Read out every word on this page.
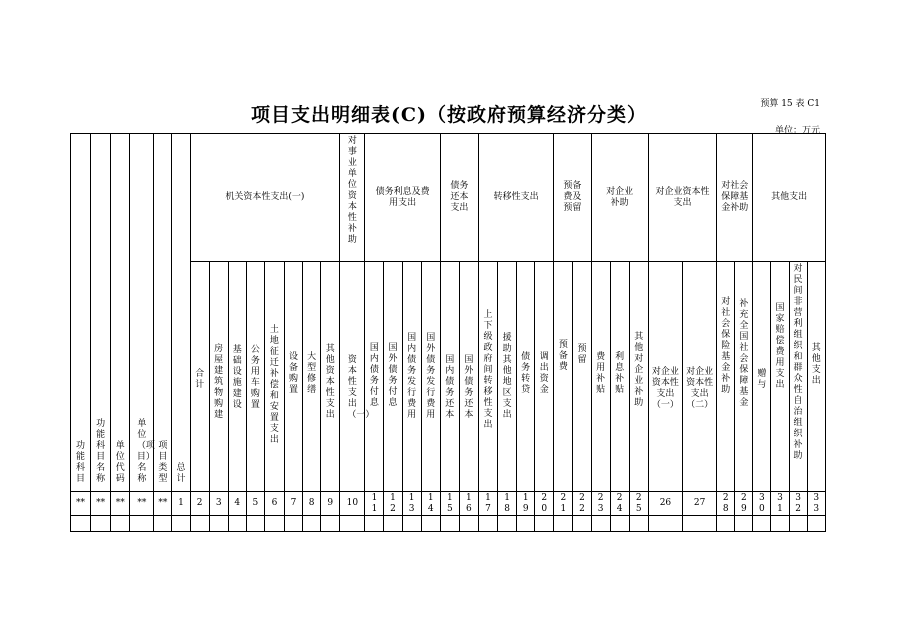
项目支出明细表(C)（按政府预算经济分类）	预算 15 表 C1
单位：万元
功能科目	功能科目名称	单位代码	单位（项目）名称	项目类型	总计	机关资本性支出(一)								对事业单位资本性补助	债务利息及费用支出				债务还本支出		转移性支出				预备费及预留		对企业补助			对企业资本性支出		对社会保障基金补助		其他支出			
						合计	房屋建筑物购建	基础设施建设	公务用车购置	土地征迁补偿和安置支出	设备购置	大型修缮	其他资本性支出	资本性支出（一）	国内债务付息	国外债务付息	国内债务发行费用	国外债务发行费用	国内债务还本	国外债务还本	上下级政府间转移性支出	援助其他地区支出	债务转贷	调出资金	预备费	预留	费用补贴	利息补贴	其他对企业补助	对企业资本性支出（一）	对企业资本性支出（二）	对社会保险基金补助	补充全国社会保障基金	赠与	国家赔偿费用支出	对民间非营利组织和群众性自治组织补助	其他支出
**	**	**	**	**	1	2	3	4	5	6	7	8	9	10	11	12	13	14	15	16	17	18	19	20	21	22	23	24	25	26	27	28	29	30	31	32	33
